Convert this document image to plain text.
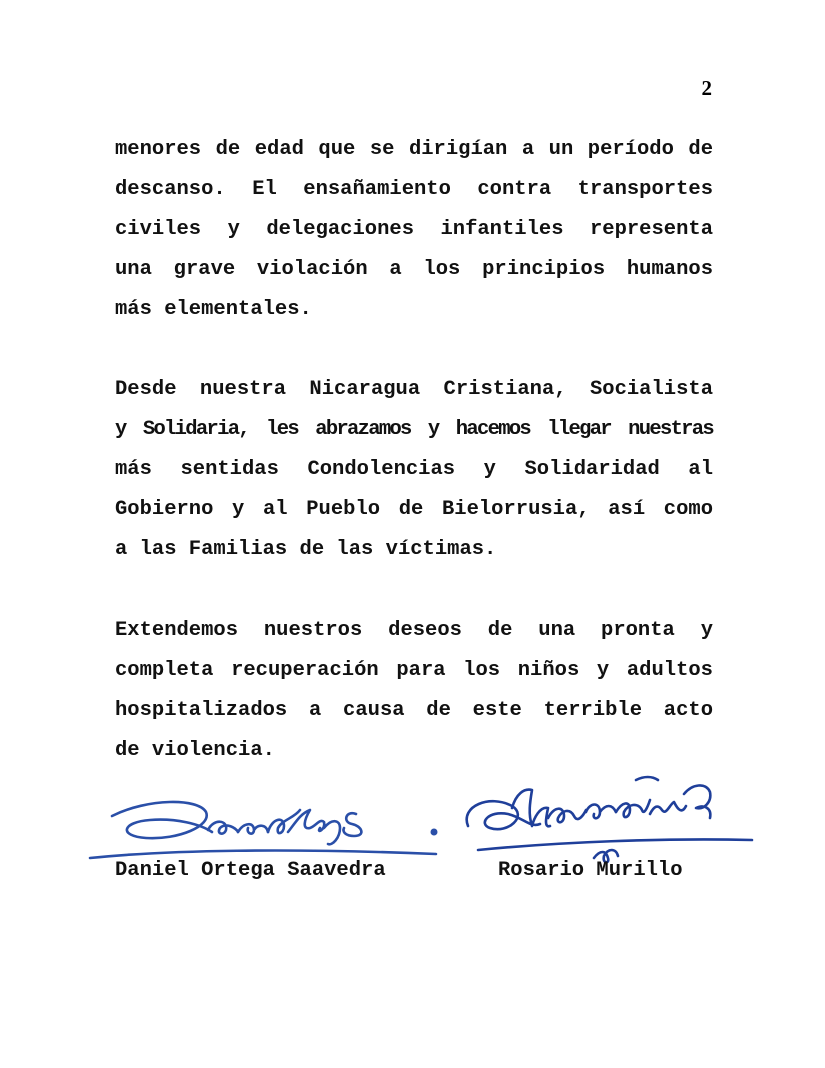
2

menores de edad que se dirigían a un período de
descanso. El ensañamiento contra transportes
civiles y delegaciones infantiles representa
una grave violación a los principios humanos
más elementales.

Desde nuestra Nicaragua Cristiana, Socialista
y Solidaria, les abrazamos y hacemos llegar nuestras
más sentidas Condolencias y Solidaridad al
Gobierno y al Pueblo de Bielorrusia, así como
a las Familias de las víctimas.

Extendemos nuestros deseos de una pronta y
completa recuperación para los niños y adultos
hospitalizados a causa de este terrible acto
de violencia.

Daniel Ortega Saavedra	Rosario Murillo
